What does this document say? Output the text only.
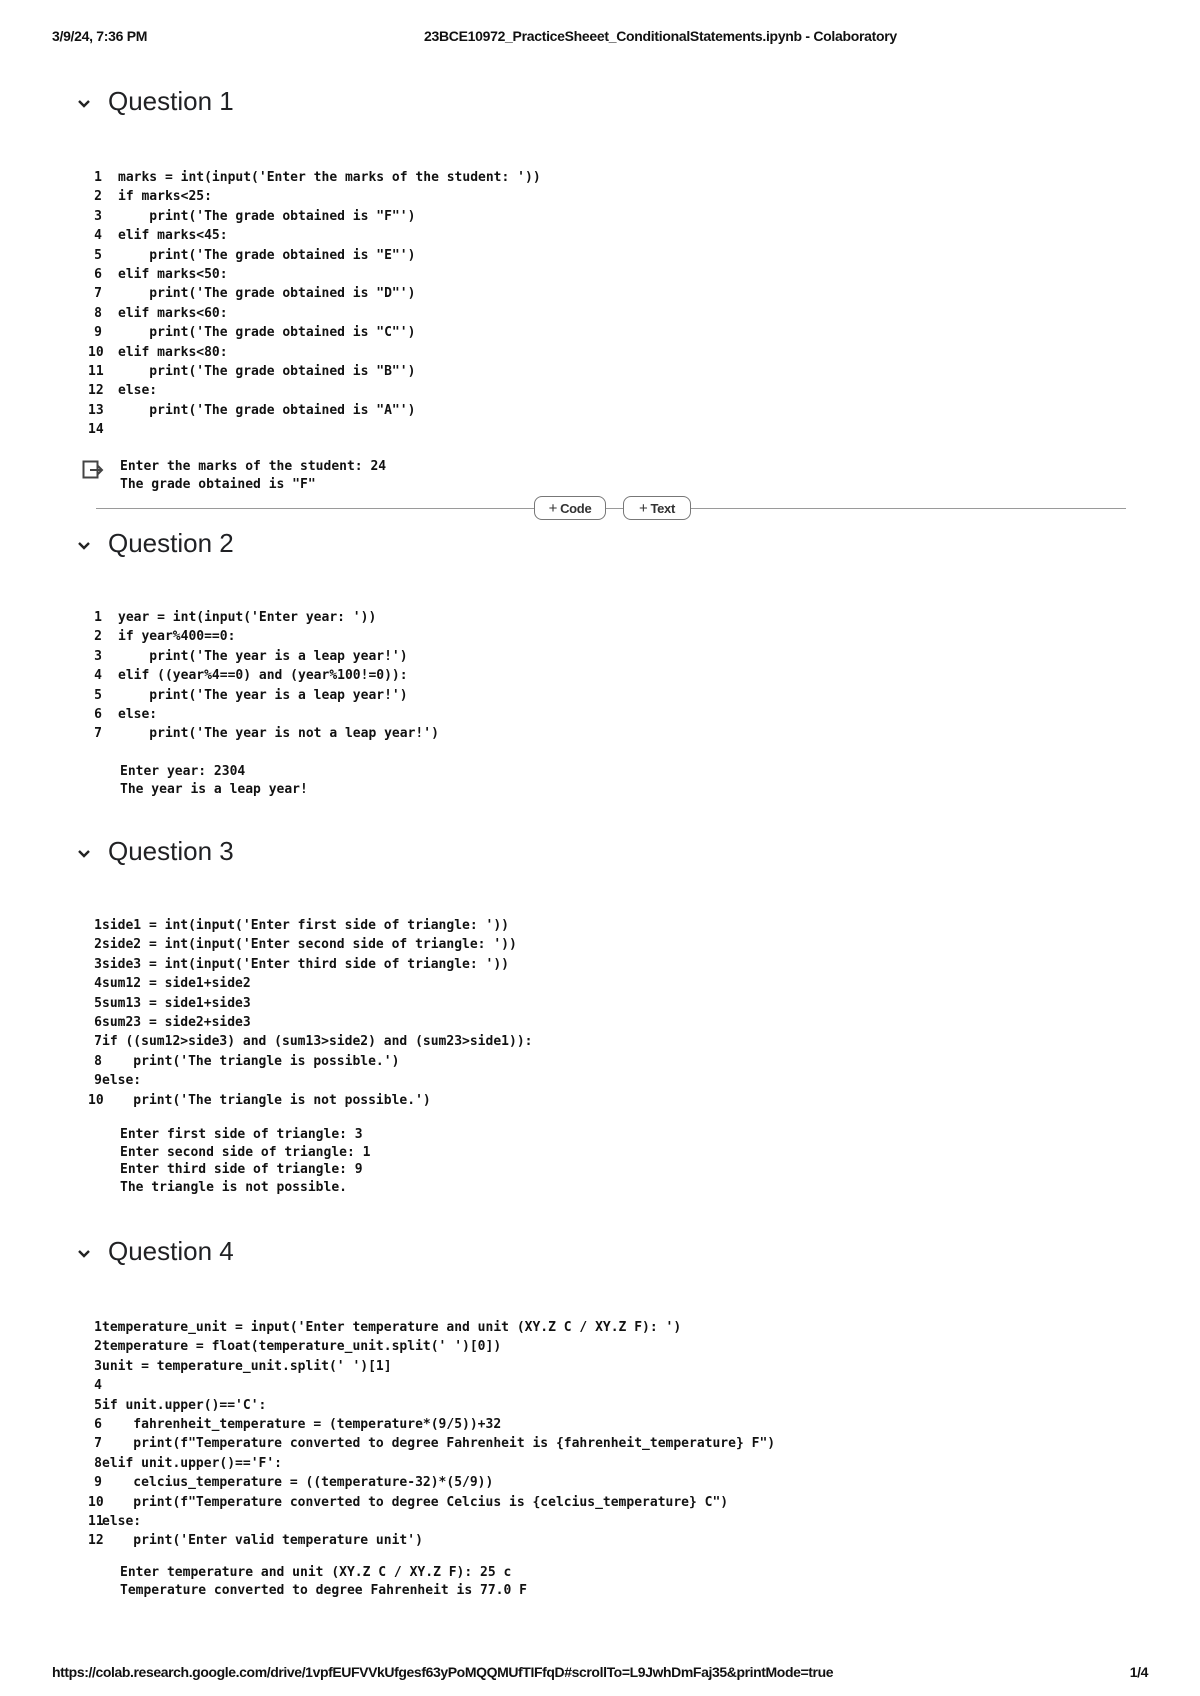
3/9/24, 7:36 PM	23BCE10972_PracticeSheeet_ConditionalStatements.ipynb - Colaboratory
Question 1
1 marks = int(input('Enter the marks of the student: '))
2 if marks<25:
3 print('The grade obtained is "F"')
4 elif marks<45:
5 print('The grade obtained is "E"')
6 elif marks<50:
7 print('The grade obtained is "D"')
8 elif marks<60:
9 print('The grade obtained is "C"')
10 elif marks<80:
11 print('The grade obtained is "B"')
12 else:
13 print('The grade obtained is "A"')
14
Enter the marks of the student: 24
The grade obtained is "F"
+ Code	+ Text
Question 2
1 year = int(input('Enter year: '))
2 if year%400==0:
3 print('The year is a leap year!')
4 elif ((year%4==0) and (year%100!=0)):
5 print('The year is a leap year!')
6 else:
7 print('The year is not a leap year!')
Enter year: 2304
The year is a leap year!
Question 3
1 side1 = int(input('Enter first side of triangle: '))
2 side2 = int(input('Enter second side of triangle: '))
3 side3 = int(input('Enter third side of triangle: '))
4 sum12 = side1+side2
5 sum13 = side1+side3
6 sum23 = side2+side3
7 if ((sum12>side3) and (sum13>side2) and (sum23>side1)):
8 print('The triangle is possible.')
9 else:
10
print('The triangle is not possible.')
Enter first side of triangle: 3
Enter second side of triangle: 1
Enter third side of triangle: 9
The triangle is not possible.
Question 4
1 temperature_unit = input('Enter temperature and unit (XY.Z C / XY.Z F): ')
2 temperature = float(temperature_unit.split(' ')[0])
3 unit = temperature_unit.split(' ')[1]
4
5 if unit.upper()=='C':
6 fahrenheit_temperature = (temperature*(9/5))+32
7 print(f"Temperature converted to degree Fahrenheit is {fahrenheit_temperature} F")
8 elif unit.upper()=='F':
9 celcius_temperature = ((temperature-32)*(5/9))
10
print(f"Temperature converted to degree Celcius is {celcius_temperature} C")
11
else:
12
print('Enter valid temperature unit')
Enter temperature and unit (XY.Z C / XY.Z F): 25 c
Temperature converted to degree Fahrenheit is 77.0 F
https://colab.research.google.com/drive/1vpfEUFVVkUfgesf63yPoMQQMUfTIFfqD#scrollTo=L9JwhDmFaj35&printMode=true	1/4
